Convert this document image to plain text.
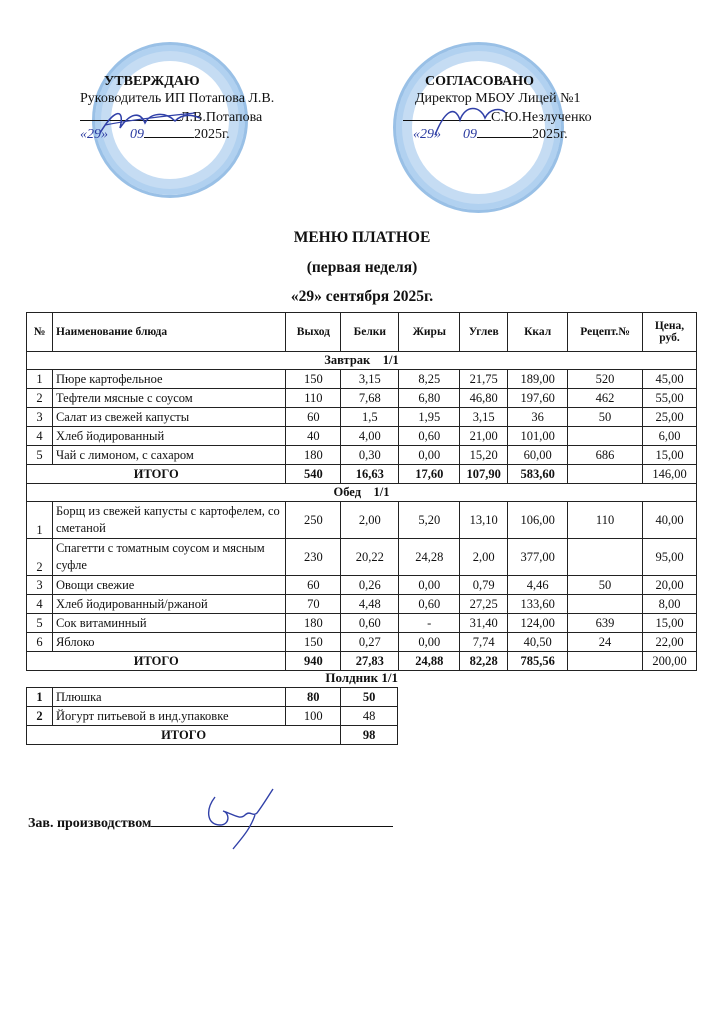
УТВЕРЖДАЮ
Руководитель ИП Потапова Л.В.
Л.В.Потапова
«29» 09	2025г.
СОГЛАСОВАНО
Директор МБОУ Лицей №1
С.Ю.Незлученко
«29» 09	2025г.
МЕНЮ ПЛАТНОЕ
(первая неделя)
«29» сентября 2025г.
№	Наименование блюда	Выход	Белки	Жиры	Углев	Ккал	Рецепт.№	Цена, руб.
Завтрак    1/1								
1	Пюре картофельное	150	3,15	8,25	21,75	189,00	520	45,00
2	Тефтели мясные с соусом	110	7,68	6,80	46,80	197,60	462	55,00
3	Салат из свежей капусты	60	1,5	1,95	3,15	36	50	25,00
4	Хлеб йодированный	40	4,00	0,60	21,00	101,00		6,00
5	Чай с лимоном, с сахаром	180	0,30	0,00	15,20	60,00	686	15,00
ИТОГО		540	16,63	17,60	107,90	583,60		146,00
Обед    1/1								
1	Борщ из свежей капусты с картофелем, со сметаной	250	2,00	5,20	13,10	106,00	110	40,00
2	Спагетти с томатным соусом и мясным суфле	230	20,22	24,28	2,00	377,00		95,00
3	Овощи свежие	60	0,26	0,00	0,79	4,46	50	20,00
4	Хлеб йодированный/ржаной	70	4,48	0,60	27,25	133,60		8,00
5	Сок витаминный	180	0,60	-	31,40	124,00	639	15,00
6	Яблоко	150	0,27	0,00	7,74	40,50	24	22,00
ИТОГО		940	27,83	24,88	82,28	785,56		200,00
Полдник 1/1
1	Плюшка	80	50
2	Йогурт питьевой в инд.упаковке	100	48
ИТОГО			98
Зав. производством
